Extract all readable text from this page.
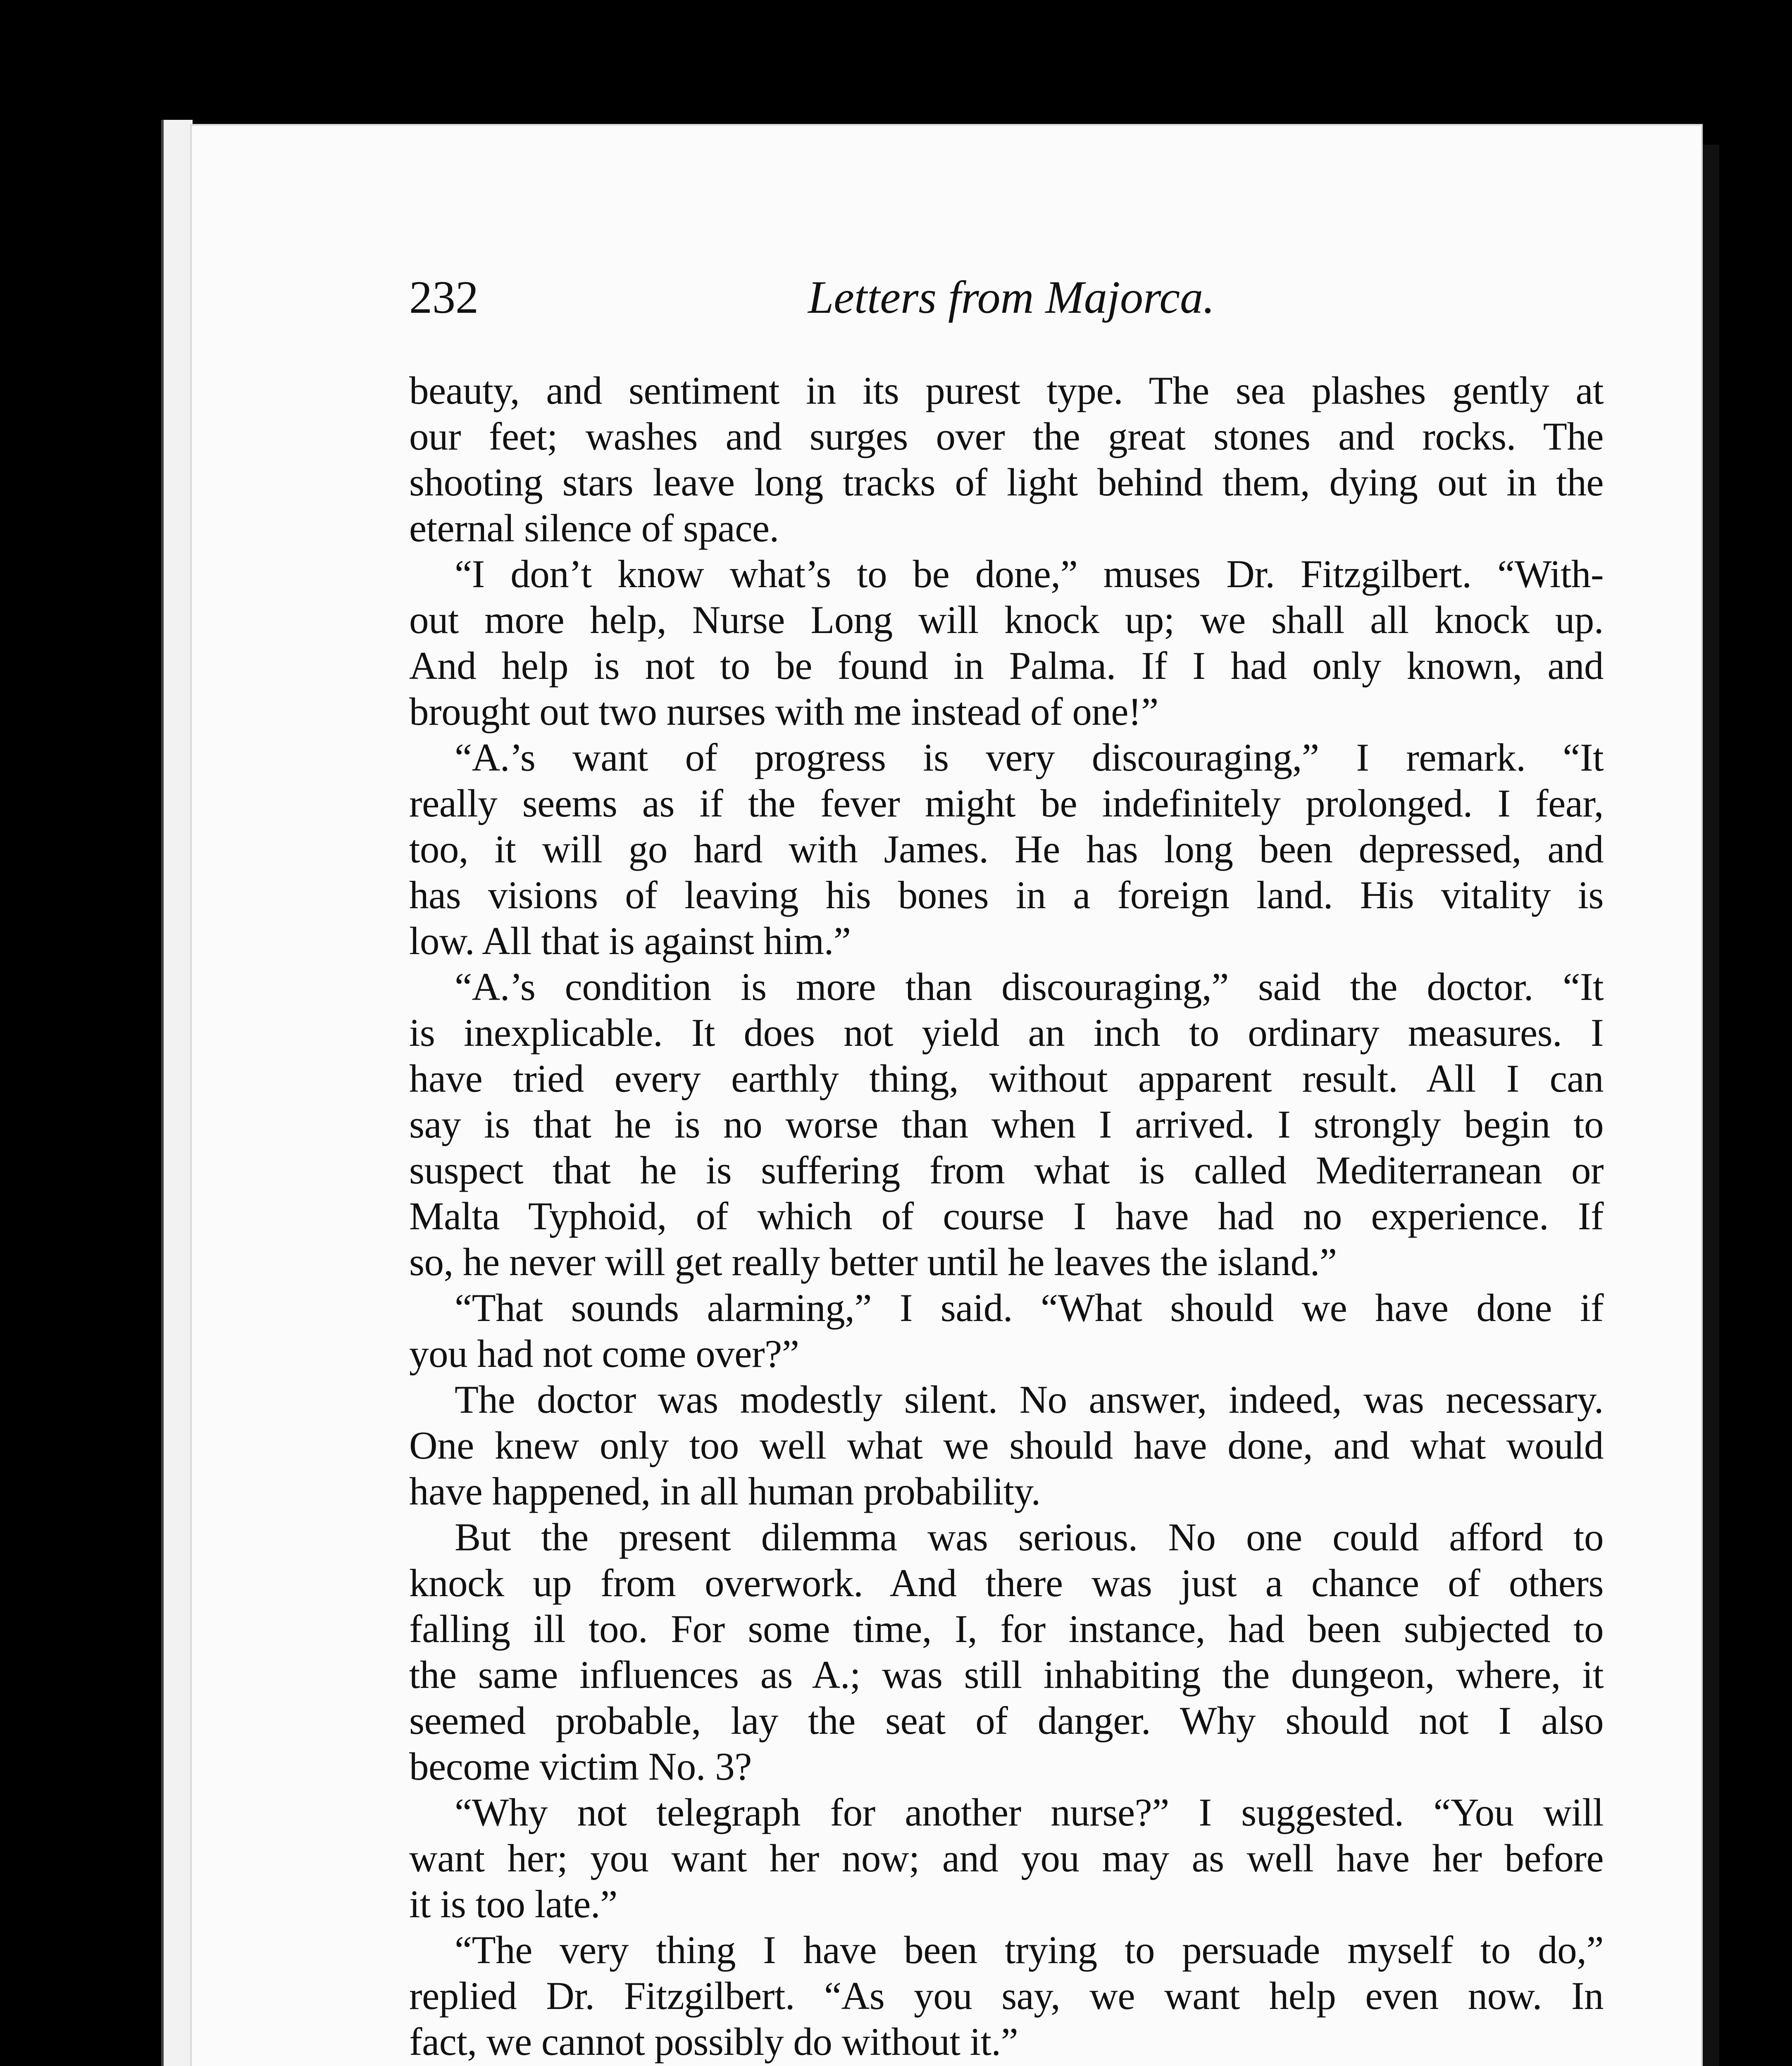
232	Letters from Majorca.
beauty, and sentiment in its purest type. The sea plashes gently at
our feet; washes and surges over the great stones and rocks. The
shooting stars leave long tracks of light behind them, dying out in the
eternal silence of space.
“I don’t know what’s to be done,” muses Dr. Fitzgilbert. “With-
out more help, Nurse Long will knock up; we shall all knock up.
And help is not to be found in Palma. If I had only known, and
brought out two nurses with me instead of one!”
“A.’s want of progress is very discouraging,” I remark. “It
really seems as if the fever might be indefinitely prolonged. I fear,
too, it will go hard with James. He has long been depressed, and
has visions of leaving his bones in a foreign land. His vitality is
low. All that is against him.”
“A.’s condition is more than discouraging,” said the doctor. “It
is inexplicable. It does not yield an inch to ordinary measures. I
have tried every earthly thing, without apparent result. All I can
say is that he is no worse than when I arrived. I strongly begin to
suspect that he is suffering from what is called Mediterranean or
Malta Typhoid, of which of course I have had no experience. If
so, he never will get really better until he leaves the island.”
“That sounds alarming,” I said. “What should we have done if
you had not come over?”
The doctor was modestly silent. No answer, indeed, was necessary.
One knew only too well what we should have done, and what would
have happened, in all human probability.
But the present dilemma was serious. No one could afford to
knock up from overwork. And there was just a chance of others
falling ill too. For some time, I, for instance, had been subjected to
the same influences as A.; was still inhabiting the dungeon, where, it
seemed probable, lay the seat of danger. Why should not I also
become victim No. 3?
“Why not telegraph for another nurse?” I suggested. “You will
want her; you want her now; and you may as well have her before
it is too late.”
“The very thing I have been trying to persuade myself to do,”
replied Dr. Fitzgilbert. “As you say, we want help even now. In
fact, we cannot possibly do without it.”
